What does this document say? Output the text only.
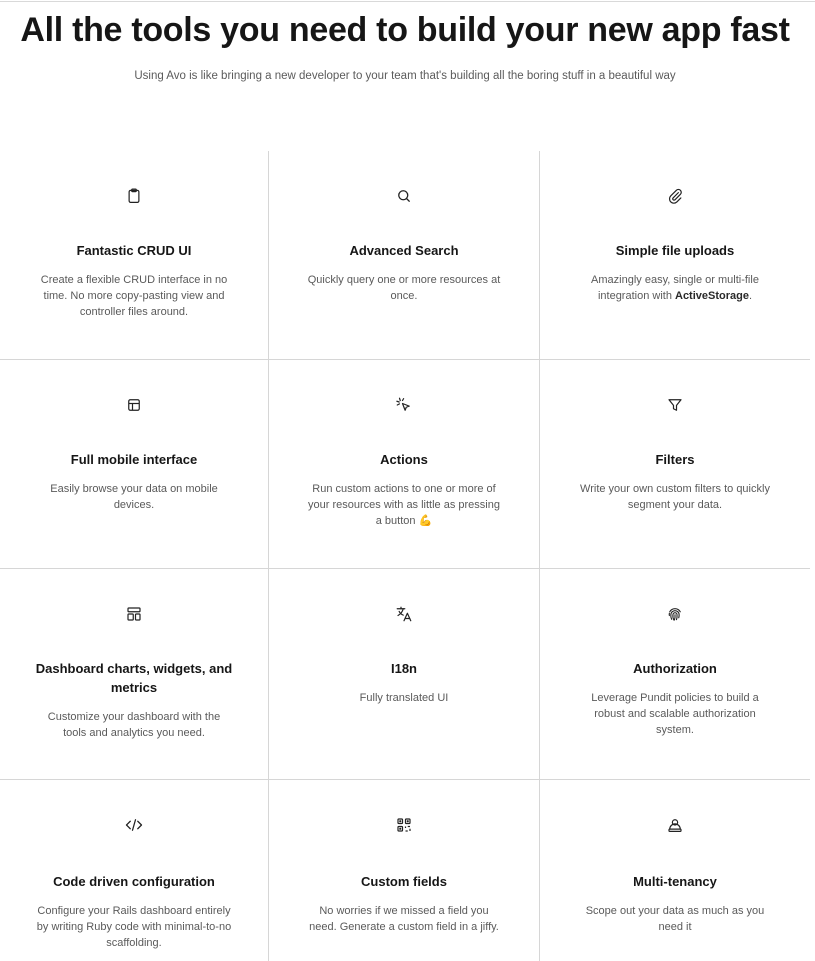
All the tools you need to build your new app fast

Using Avo is like bringing a new developer to your team that's building all the boring stuff in a beautiful way

Fantastic CRUD UI
Create a flexible CRUD interface in no time. No more copy-pasting view and controller files around.
Advanced Search
Quickly query one or more resources at once.
Simple file uploads
Amazingly easy, single or multi-file integration with ActiveStorage.
Full mobile interface
Easily browse your data on mobile devices.
Actions
Run custom actions to one or more of your resources with as little as pressing a button 💪
Filters
Write your own custom filters to quickly segment your data.
Dashboard charts, widgets, and metrics
Customize your dashboard with the tools and analytics you need.
I18n
Fully translated UI
Authorization
Leverage Pundit policies to build a robust and scalable authorization system.
Code driven configuration
Configure your Rails dashboard entirely by writing Ruby code with minimal-to-no scaffolding.
Custom fields
No worries if we missed a field you need. Generate a custom field in a jiffy.
Multi-tenancy
Scope out your data as much as you need it
